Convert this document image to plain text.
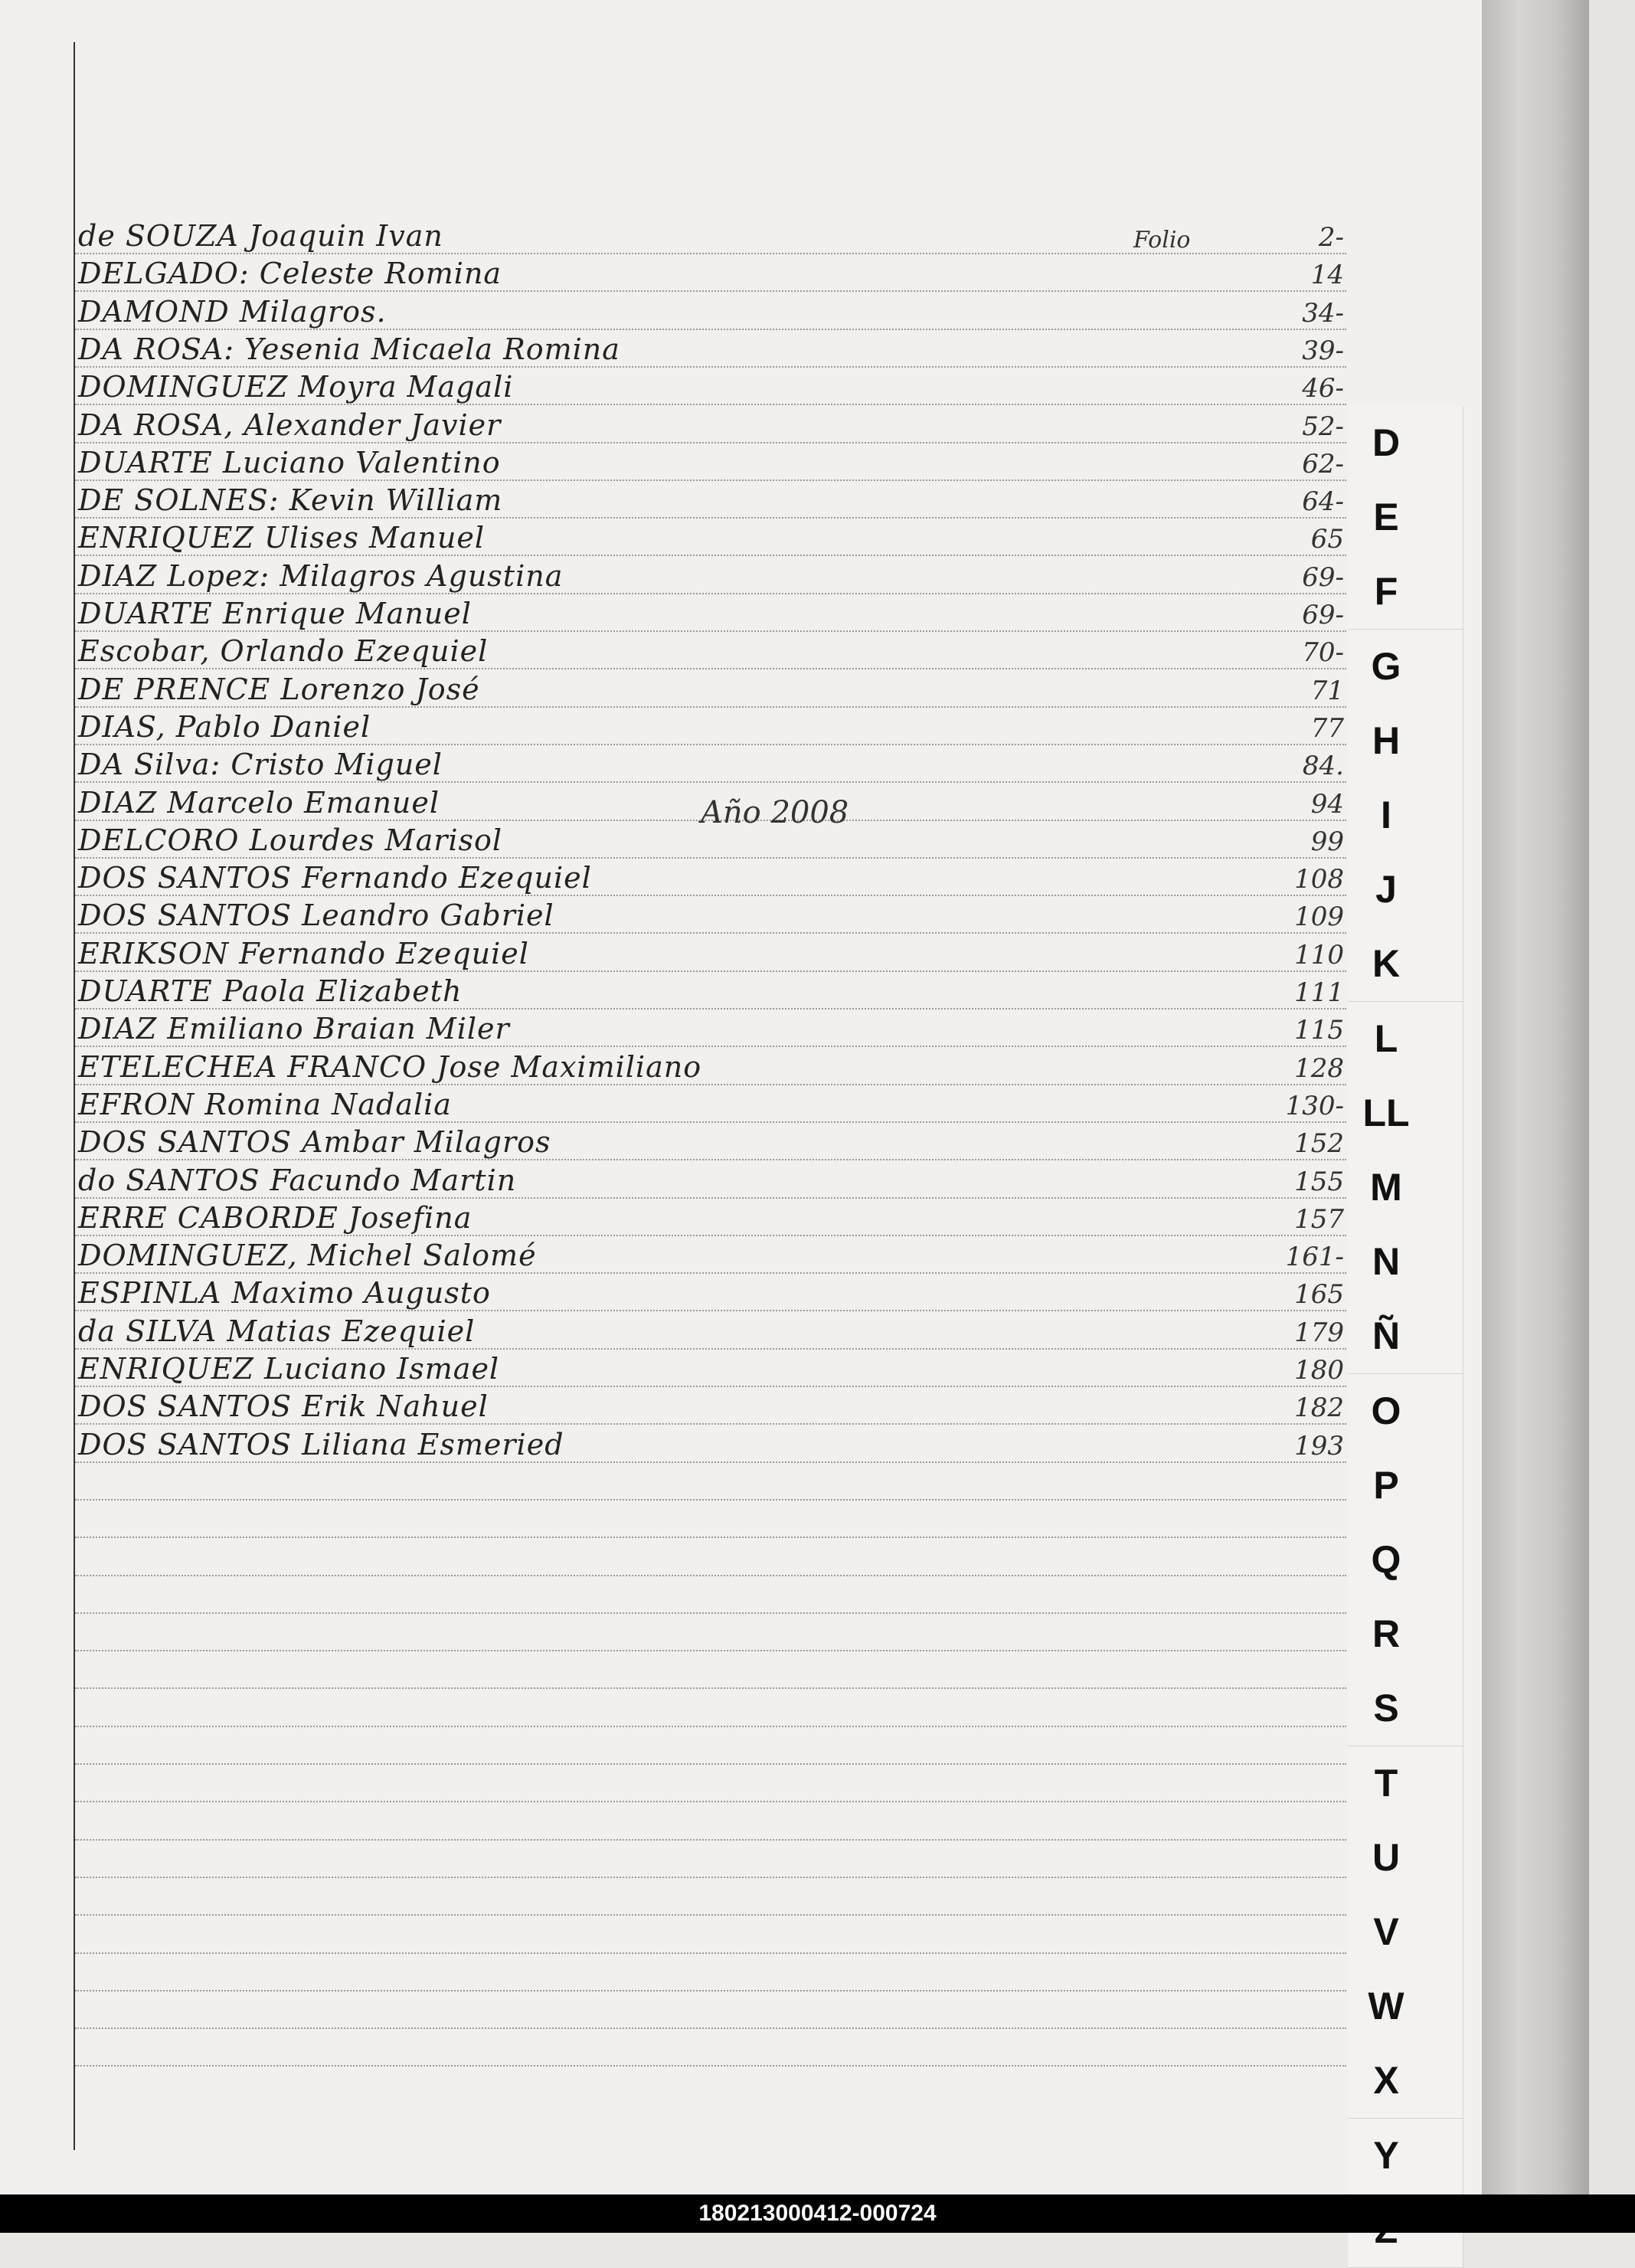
Folio
de SOUZA Joaquin Ivan	2-
DELGADO: Celeste Romina	14
DAMOND Milagros.	34-
DA ROSA: Yesenia Micaela Romina	39-
DOMINGUEZ Moyra Magali	46-
DA ROSA, Alexander Javier	52-
DUARTE Luciano Valentino	62-
DE SOLNES: Kevin William	64-
ENRIQUEZ Ulises Manuel	65
DIAZ Lopez: Milagros Agustina	69-
DUARTE Enrique Manuel	69-
Escobar, Orlando Ezequiel	70-
DE PRENCE Lorenzo José	71
DIAS, Pablo Daniel	77
DA Silva: Cristo Miguel	84.
DIAZ Marcelo Emanuel	94
DELCORO Lourdes Marisol	99
DOS SANTOS Fernando Ezequiel	108
DOS SANTOS Leandro Gabriel	109
ERIKSON Fernando Ezequiel	110
DUARTE Paola Elizabeth	111
DIAZ Emiliano Braian Miler	115
ETELECHEA FRANCO Jose Maximiliano	128
EFRON Romina Nadalia	130-
DOS SANTOS Ambar Milagros	152
do SANTOS Facundo Martin	155
ERRE CABORDE Josefina	157
DOMINGUEZ, Michel Salomé	161-
ESPINLA Maximo Augusto	165
da SILVA Matias Ezequiel	179
ENRIQUEZ Luciano Ismael	180
DOS SANTOS Erik Nahuel	182
DOS SANTOS Liliana Esmeried	193
Año 2008
D
E
F
G
H
I
J
K
L
LL
M
N
Ñ
O
P
Q
R
S
T
U
V
W
X
Y
180213000412-000724
